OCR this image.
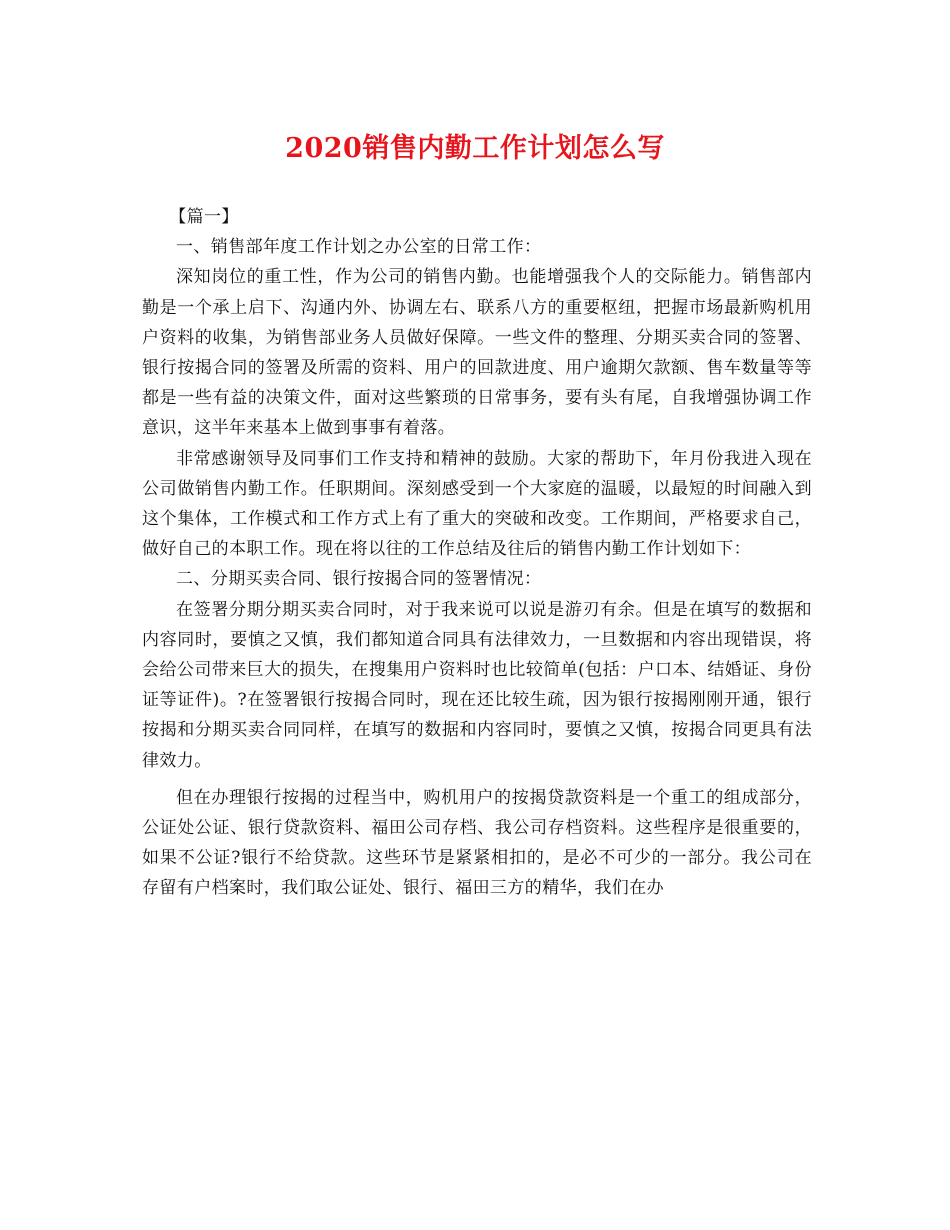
2020销售内勤工作计划怎么写

【篇一】

一、销售部年度工作计划之办公室的日常工作：

深知岗位的重工性，作为公司的销售内勤。也能增强我个人的交际能力。销售部内勤是一个承上启下、沟通内外、协调左右、联系八方的重要枢纽，把握市场最新购机用户资料的收集，为销售部业务人员做好保障。一些文件的整理、分期买卖合同的签署、银行按揭合同的签署及所需的资料、用户的回款进度、用户逾期欠款额、售车数量等等都是一些有益的决策文件，面对这些繁琐的日常事务，要有头有尾，自我增强协调工作意识，这半年来基本上做到事事有着落。

非常感谢领导及同事们工作支持和精神的鼓励。大家的帮助下，年月份我进入现在公司做销售内勤工作。任职期间。深刻感受到一个大家庭的温暖，以最短的时间融入到这个集体，工作模式和工作方式上有了重大的突破和改变。工作期间，严格要求自己，做好自己的本职工作。现在将以往的工作总结及往后的销售内勤工作计划如下：

二、分期买卖合同、银行按揭合同的签署情况：

在签署分期分期买卖合同时，对于我来说可以说是游刃有余。但是在填写的数据和内容同时，要慎之又慎，我们都知道合同具有法律效力，一旦数据和内容出现错误，将会给公司带来巨大的损失，在搜集用户资料时也比较简单(包括：户口本、结婚证、身份证等证件)。?在签署银行按揭合同时，现在还比较生疏，因为银行按揭刚刚开通，银行按揭和分期买卖合同同样，在填写的数据和内容同时，要慎之又慎，按揭合同更具有法律效力。

但在办理银行按揭的过程当中，购机用户的按揭贷款资料是一个重工的组成部分，公证处公证、银行贷款资料、福田公司存档、我公司存档资料。这些程序是很重要的，如果不公证?银行不给贷款。这些环节是紧紧相扣的，是必不可少的一部分。我公司在存留有户档案时，我们取公证处、银行、福田三方的精华，我们在办
